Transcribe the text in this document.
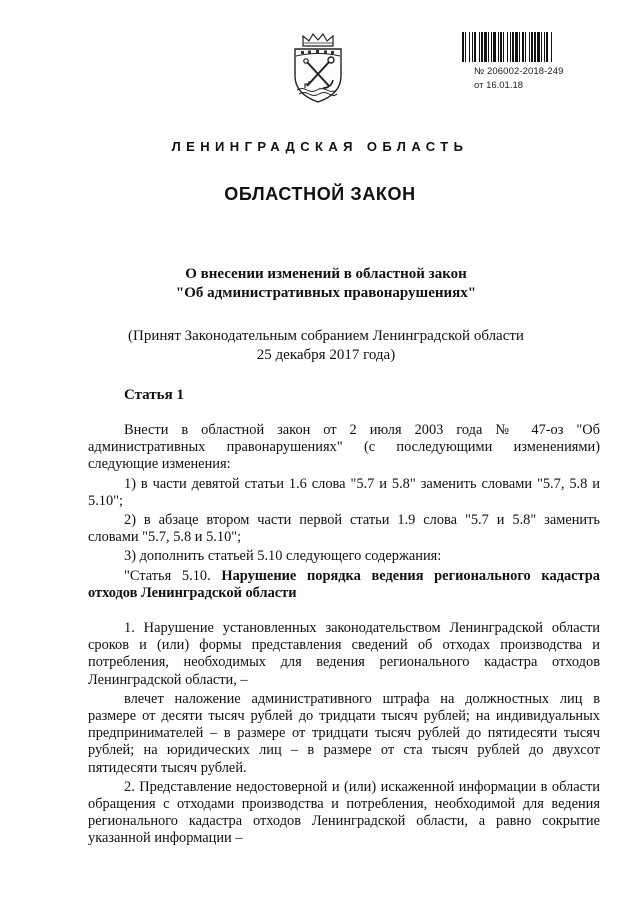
№ 206002-2018-249
от 16.01.18
ЛЕНИНГРАДСКАЯ ОБЛАСТЬ
ОБЛАСТНОЙ ЗАКОН
О внесении изменений в областной закон
"Об административных правонарушениях"
(Принят Законодательным собранием Ленинградской области
25 декабря 2017 года)
Статья 1

Внести в областной закон от 2 июля 2003 года № 47-оз "Об административных правонарушениях" (с последующими изменениями) следующие изменения:

1) в части девятой статьи 1.6 слова "5.7 и 5.8" заменить словами "5.7, 5.8 и 5.10";

2) в абзаце втором части первой статьи 1.9 слова "5.7 и 5.8" заменить словами "5.7, 5.8 и 5.10";

3) дополнить статьей 5.10 следующего содержания:

"Статья 5.10. Нарушение порядка ведения регионального кадастра отходов Ленинградской области

1. Нарушение установленных законодательством Ленинградской области сроков и (или) формы представления сведений об отходах производства и потребления, необходимых для ведения регионального кадастра отходов Ленинградской области, –

влечет наложение административного штрафа на должностных лиц в размере от десяти тысяч рублей до тридцати тысяч рублей; на индивидуальных предпринимателей – в размере от тридцати тысяч рублей до пятидесяти тысяч рублей; на юридических лиц – в размере от ста тысяч рублей до двухсот пятидесяти тысяч рублей.

2. Представление недостоверной и (или) искаженной информации в области обращения с отходами производства и потребления, необходимой для ведения регионального кадастра отходов Ленинградской области, а равно сокрытие указанной информации –
